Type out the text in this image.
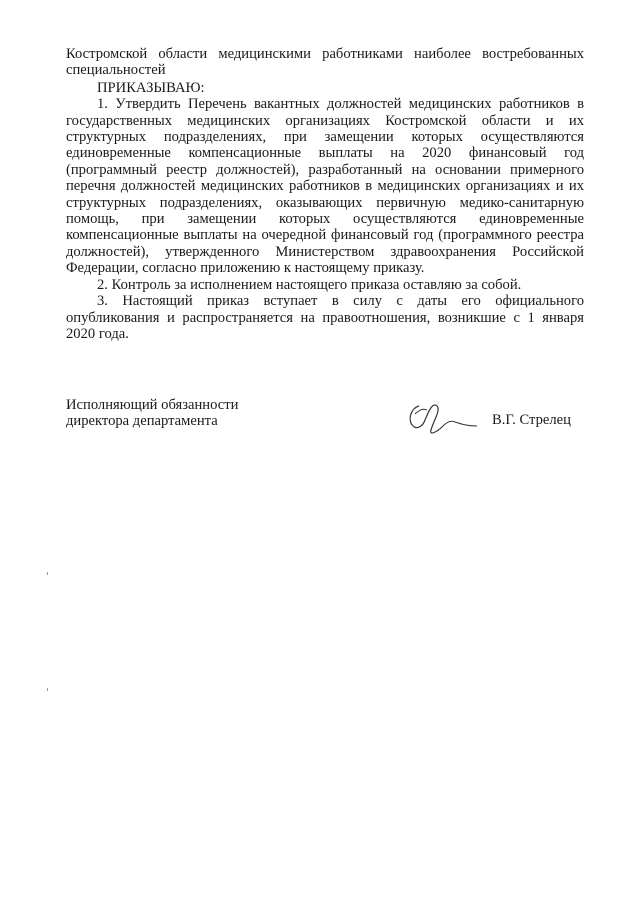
Костромской области медицинскими работниками наиболее востребованных специальностей

ПРИКАЗЫВАЮ:

1. Утвердить Перечень вакантных должностей медицинских работников в государственных медицинских организациях Костромской области и их структурных подразделениях, при замещении которых осуществляются единовременные компенсационные выплаты на 2020 финансовый год (программный реестр должностей), разработанный на основании примерного перечня должностей медицинских работников в медицинских организациях и их структурных подразделениях, оказывающих первичную медико-санитарную помощь, при замещении которых осуществляются единовременные компенсационные выплаты на очередной финансовый год (программного реестра должностей), утвержденного Министерством здравоохранения Российской Федерации, согласно приложению к настоящему приказу.

2. Контроль за исполнением настоящего приказа оставляю за собой.

3. Настоящий приказ вступает в силу с даты его официального опубликования и распространяется на правоотношения, возникшие с 1 января 2020 года.

Исполняющий обязанности
директора департамента	В.Г. Стрелец
